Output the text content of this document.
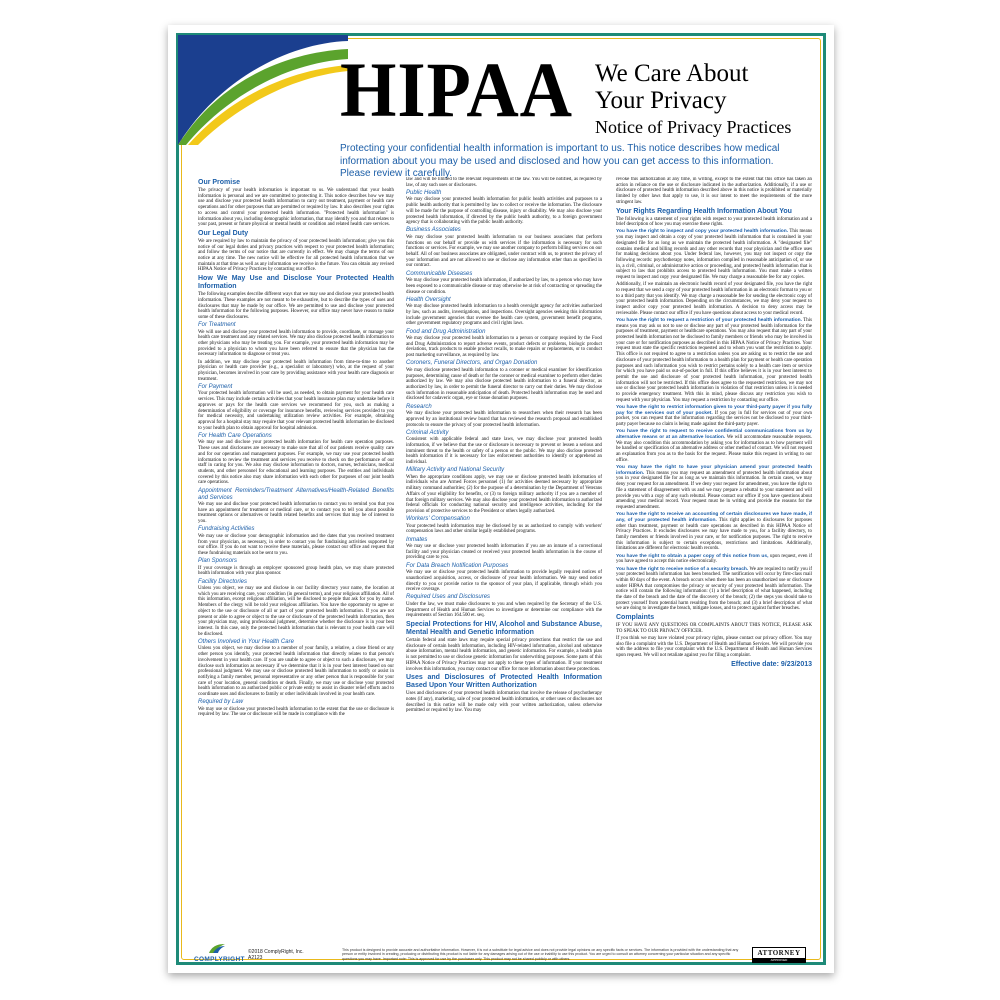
HIPAA We Care About
Your Privacy
Notice of Privacy Practices
Protecting your confidential health information is important to us. This notice describes how medical information about you may be used and disclosed and how you can get access to this information. Please review it carefully.
Our Promise

The privacy of your health information is important to us. We understand that your health information is personal and we are committed to protecting it. This notice describes how we may use and disclose your protected health information to carry out treatment, payment or health care operations and for other purposes that are permitted or required by law. It also describes your rights to access and control your protected health information. "Protected health information" is information about you, including demographic information, that may identify you and that relates to your past, present or future physical or mental health or condition and related health care services.

Our Legal Duty

We are required by law to maintain the privacy of your protected health information; give you this notice of our legal duties and privacy practices with respect to your protected health information; and follow the terms of our notice that are currently in effect. We may change the terms of our notice at any time. The new notice will be effective for all protected health information that we maintain at that time as well as any information we receive in the future. You can obtain any revised HIPAA Notice of Privacy Practices by contacting our office.

How We May Use and Disclose Your Protected Health Information

The following examples describe different ways that we may use and disclose your protected health information. These examples are not meant to be exhaustive, but to describe the types of uses and disclosures that may be made by our office. We are permitted to use and disclose your protected health information for the following purposes. However, our office may never have reason to make some of these disclosures.

For Treatment

We will use and disclose your protected health information to provide, coordinate, or manage your health care treatment and any related services. We may also disclose protected health information to other physicians who may be treating you. For example, your protected health information may be provided to a physician to whom you have been referred to ensure that the physician has the necessary information to diagnose or treat you.

In addition, we may disclose your protected health information from time-to-time to another physician or health care provider (e.g., a specialist or laboratory) who, at the request of your physician, becomes involved in your care by providing assistance with your health care diagnosis or treatment.

For Payment

Your protected health information will be used, as needed, to obtain payment for your health care services. This may include certain activities that your health insurance plan may undertake before it approves or pays for the health care services we recommend for you, such as making a determination of eligibility or coverage for insurance benefits, reviewing services provided to you for medical necessity, and undertaking utilization review activities. For example, obtaining approval for a hospital stay may require that your relevant protected health information be disclosed to your health plan to obtain approval for hospital admission.

For Health Care Operations

We may use and disclose your protected health information for health care operation purposes. These uses and disclosures are necessary to make sure that all of our patients receive quality care and for our operation and management purposes. For example, we may use your protected health information to review the treatment and services you receive to check on the performance of our staff in caring for you. We also may disclose information to doctors, nurses, technicians, medical students, and other personnel for educational and learning purposes. The entities and individuals covered by this notice also may share information with each other for purposes of our joint health care operations.

Appointment Reminders/Treatment Alternatives/Health-Related Benefits and Services

We may use and disclose your protected health information to contact you to remind you that you have an appointment for treatment or medical care, or to contact you to tell you about possible treatment options or alternatives or health related benefits and services that may be of interest to you.

Fundraising Activities

We may use or disclose your demographic information and the dates that you received treatment from your physician, as necessary, in order to contact you for fundraising activities supported by our office. If you do not want to receive these materials, please contact our office and request that these fundraising materials not be sent to you.

Plan Sponsors

If your coverage is through an employer sponsored group health plan, we may share protected health information with your plan sponsor.

Facility Directories

Unless you object, we may use and disclose in our facility directory your name, the location at which you are receiving care, your condition (in general terms), and your religious affiliation. All of this information, except religious affiliation, will be disclosed to people that ask for you by name. Members of the clergy will be told your religious affiliation. You have the opportunity to agree or object to the use or disclosure of all or part of your protected health information. If you are not present or able to agree or object to the use or disclosure of the protected health information, then your physician may, using professional judgment, determine whether the disclosure is in your best interest. In this case, only the protected health information that is relevant to your health care will be disclosed.

Others Involved in Your Health Care

Unless you object, we may disclose to a member of your family, a relative, a close friend or any other person you identify, your protected health information that directly relates to that person's involvement in your health care. If you are unable to agree or object to such a disclosure, we may disclose such information as necessary if we determine that it is in your best interest based on our professional judgment. We may use or disclose protected health information to notify or assist in notifying a family member, personal representative or any other person that is responsible for your care of your location, general condition or death. Finally, we may use or disclose your protected health information to an authorized public or private entity to assist in disaster relief efforts and to coordinate uses and disclosures to family or other individuals involved in your health care.

Required by Law

We may use or disclose your protected health information to the extent that the use or disclosure is required by law. The use or disclosure will be made in compliance with the

law and will be limited to the relevant requirements of the law. You will be notified, as required by law, of any such uses or disclosures.

Public Health

We may disclose your protected health information for public health activities and purposes to a public health authority that is permitted by law to collect or receive the information. The disclosure will be made for the purpose of controlling disease, injury or disability. We may also disclose your protected health information, if directed by the public health authority, to a foreign government agency that is collaborating with the public health authority.

Business Associates

We may disclose your protected health information to our business associates that perform functions on our behalf or provide us with services if the information is necessary for such functions or services. For example, we may use another company to perform billing services on our behalf. All of our business associates are obligated, under contract with us, to protect the privacy of your information and are not allowed to use or disclose any information other than as specified in our contract.

Communicable Diseases

We may disclose your protected health information, if authorized by law, to a person who may have been exposed to a communicable disease or may otherwise be at risk of contracting or spreading the disease or condition.

Health Oversight

We may disclose protected health information to a health oversight agency for activities authorized by law, such as audits, investigations, and inspections. Oversight agencies seeking this information include government agencies that oversee the health care system, government benefit programs, other government regulatory programs and civil rights laws.

Food and Drug Administration

We may disclose your protected health information to a person or company required by the Food and Drug Administration to report adverse events, product defects or problems, biologic product deviations, track products to enable product recalls, to make repairs or replacements, or to conduct post marketing surveillance, as required by law.

Coroners, Funeral Directors, and Organ Donation

We may disclose protected health information to a coroner or medical examiner for identification purposes, determining cause of death or for the coroner or medical examiner to perform other duties authorized by law. We may also disclose protected health information to a funeral director, as authorized by law, in order to permit the funeral director to carry out their duties. We may disclose such information in reasonable anticipation of death. Protected health information may be used and disclosed for cadaveric organ, eye or tissue donation purposes.

Research

We may disclose your protected health information to researchers when their research has been approved by an institutional review board that has reviewed the research proposal and established protocols to ensure the privacy of your protected health information.

Criminal Activity

Consistent with applicable federal and state laws, we may disclose your protected health information, if we believe that the use or disclosure is necessary to prevent or lessen a serious and imminent threat to the health or safety of a person or the public. We may also disclose protected health information if it is necessary for law enforcement authorities to identify or apprehend an individual.

Military Activity and National Security

When the appropriate conditions apply, we may use or disclose protected health information of individuals who are Armed Forces personnel (1) for activities deemed necessary by appropriate military command authorities; (2) for the purpose of a determination by the Department of Veterans Affairs of your eligibility for benefits, or (3) to foreign military authority if you are a member of that foreign military services. We may also disclose your protected health information to authorized federal officials for conducting national security and intelligence activities, including for the provision of protective services to the President or others legally authorized.

Workers' Compensation

Your protected health information may be disclosed by us as authorized to comply with workers' compensation laws and other similar legally established programs.

Inmates

We may use or disclose your protected health information if you are an inmate of a correctional facility and your physician created or received your protected health information in the course of providing care to you.

For Data Breach Notification Purposes

We may use or disclose your protected health information to provide legally required notices of unauthorized acquisition, access, or disclosure of your health information. We may send notice directly to you or provide notice to the sponsor of your plan, if applicable, through which you receive coverage.

Required Uses and Disclosures

Under the law, we must make disclosures to you and when required by the Secretary of the U.S. Department of Health and Human Services to investigate or determine our compliance with the requirements of Section 164.500 et. seq.

Special Protections for HIV, Alcohol and Substance Abuse, Mental Health and Genetic Information

Certain federal and state laws may require special privacy protections that restrict the use and disclosure of certain health information, including HIV-related information, alcohol and substance abuse information, mental health information, and genetic information. For example, a health plan is not permitted to use or disclose genetic information for underwriting purposes. Some parts of this HIPAA Notice of Privacy Practices may not apply to these types of information. If your treatment involves this information, you may contact our office for more information about these protections.

Uses and Disclosures of Protected Health Information Based Upon Your Written Authorization

Uses and disclosures of your protected health information that involve the release of psychotherapy notes (if any), marketing, sale of your protected health information, or other uses or disclosures not described in this notice will be made only with your written authorization, unless otherwise permitted or required by law. You may

revoke this authorization at any time, in writing, except to the extent that this office has taken an action in reliance on the use or disclosure indicated in the authorization. Additionally, if a use or disclosure of protected health information described above in this notice is prohibited or materially limited by other laws that apply to use, it is our intent to meet the requirements of the more stringent law.

Your Rights Regarding Health Information About You

The following is a statement of your rights with respect to your protected health information and a brief description of how you may exercise these rights.

You have the right to inspect and copy your protected health information. This means you may inspect and obtain a copy of your protected health information that is contained in your designated file for as long as we maintain the protected health information. A "designated file" contains medical and billing records and any other records that your physician and the office uses for making decisions about you. Under federal law, however, you may not inspect or copy the following records: psychotherapy notes, information compiled in reasonable anticipation of, or use in, a civil, criminal, or administrative action or proceeding, and protected health information that is subject to law that prohibits access to protected health information. You must make a written request to inspect and copy your designated file. We may charge a reasonable fee for any copies.

Additionally, if we maintain an electronic health record of your designated file, you have the right to request that we send a copy of your protected health information in an electronic format to you or to a third party that you identify. We may charge a reasonable fee for sending the electronic copy of your protected health information. Depending on the circumstances, we may deny your request to inspect and/or copy your protected health information. A decision to deny access may be reviewable. Please contact our office if you have questions about access to your medical record.

You have the right to request a restriction of your protected health information. This means you may ask us not to use or disclose any part of your protected health information for the purposes of treatment, payment or healthcare operations. You may also request that any part of your protected health information not be disclosed to family members or friends who may be involved in your care or for notification purposes as described in this HIPAA Notice of Privacy Practices. Your request must state the specific restriction requested and to whom you want the restriction to apply. This office is not required to agree to a restriction unless you are asking us to restrict the use and disclosure of your protected health information to a health plan for payment or health care operation purposes and such information you wish to restrict pertains solely to a health care item or service for which you have paid us out-of-pocket in full. If this office believes it is in your best interest to permit the use and disclosure of your protected health information, your protected health information will not be restricted. If this office does agree to the requested restriction, we may not use or disclose your protected health information in violation of that restriction unless it is needed to provide emergency treatment. With this in mind, please discuss any restriction you wish to request with your physician. You may request a restriction by contacting our office.

You have the right to restrict information given to your third-party payer if you fully pay for the services out of your pocket. If you pay in full for services out of your own pocket, you can request that the information regarding the services not be disclosed to your third-party payer because no claim is being made against the third-party payer.

You have the right to request to receive confidential communications from us by alternative means or at an alternative location. We will accommodate reasonable requests. We may also condition this accommodation by asking you for information as to how payment will be handled or specification of an alternative address or other method of contact. We will not request an explanation from you as to the basis for the request. Please make this request in writing to our office.

You may have the right to have your physician amend your protected health information. This means you may request an amendment of protected health information about you in your designated file for as long as we maintain this information. In certain cases, we may deny your request for an amendment. If we deny your request for amendment, you have the right to file a statement of disagreement with us and we may prepare a rebuttal to your statement and will provide you with a copy of any such rebuttal. Please contact our office if you have questions about amending your medical record. Your request must be in writing and provide the reasons for the requested amendment.

You have the right to receive an accounting of certain disclosures we have made, if any, of your protected health information. This right applies to disclosures for purposes other than treatment, payment or health care operations as described in this HIPAA Notice of Privacy Practices. It excludes disclosures we may have made to you, for a facility directory, to family members or friends involved in your care, or for notification purposes. The right to receive this information is subject to certain exceptions, restrictions and limitations. Additionally, limitations are different for electronic health records.

You have the right to obtain a paper copy of this notice from us, upon request, even if you have agreed to accept this notice electronically.

You have the right to receive notice of a security breach. We are required to notify you if your protected health information has been breached. The notification will occur by first-class mail within 60 days of the event. A breach occurs when there has been an unauthorized use or disclosure under HIPAA that compromises the privacy or security of your protected health information. The notice will contain the following information: (1) a brief description of what happened, including the date of the breach and the date of the discovery of the breach; (2) the steps you should take to protect yourself from potential harm resulting from the breach; and (3) a brief description of what we are doing to investigate the breach, mitigate losses, and to protect against further breaches.

Complaints

IF YOU HAVE ANY QUESTIONS OR COMPLAINTS ABOUT THIS NOTICE, PLEASE ASK TO SPEAK TO OUR PRIVACY OFFICER.

If you think we may have violated your privacy rights, please contact our privacy officer. You may also file a complaint with the U.S. Department of Health and Human Services. We will provide you with the address to file your complaint with the U.S. Department of Health and Human Services upon request. We will not retaliate against you for filing a complaint.

Effective date: 9/23/2013
COMPLYRIGHT
©2018 ComplyRight, Inc.
A2123
This product is designed to provide accurate and authoritative information. However, it is not a substitute for legal advice and does not provide legal opinions on any specific facts or services. The information is provided with the understanding that any person or entity involved in creating, producing or distributing this product is not liable for any damages arising out of the use or inability to use this product. You are urged to consult an attorney concerning your particular situation and any specific questions you may have. Important note: This is approved for use by the purchaser only. This product may not be shared publicly or with others.
ATTORNEY
APPROVED
